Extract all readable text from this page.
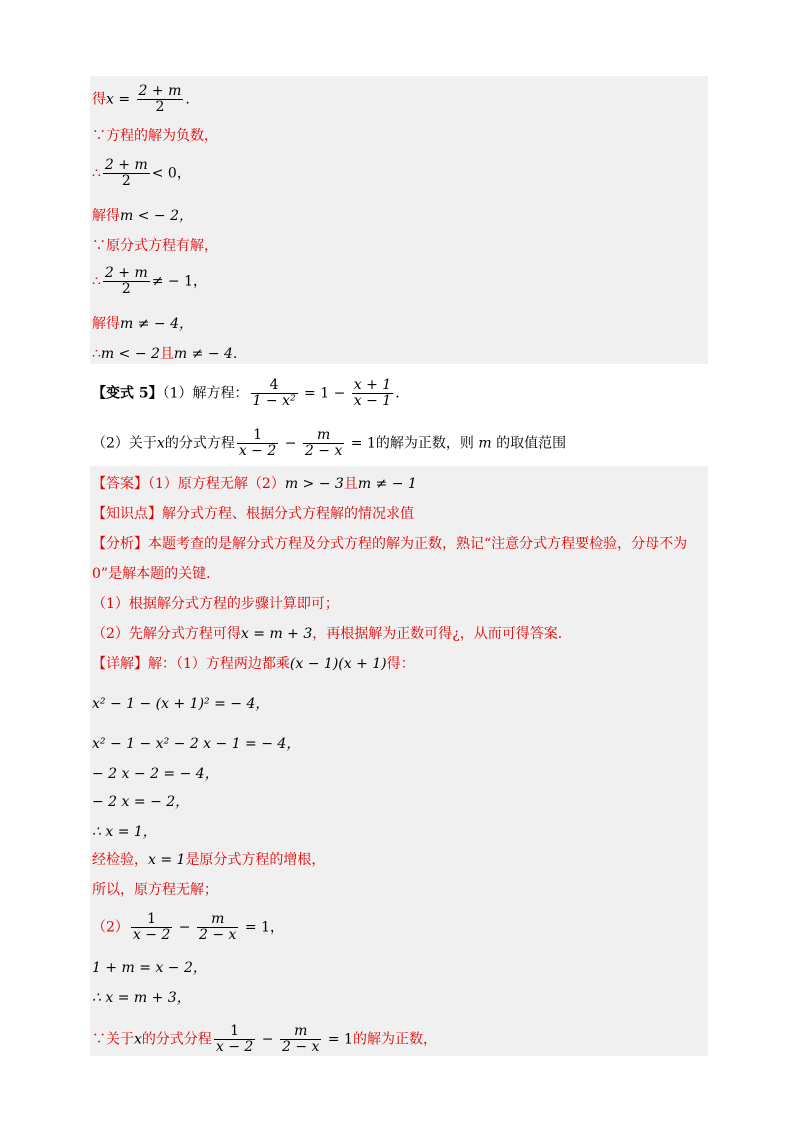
得$x = \frac{2 + m}{2}$ .
∵方程的解为负数，
∴ $\frac{2 + m}{2} < 0$，
解得m < − 2，
∵原分式方程有解，
∴ $\frac{2 + m}{2}$ ≠ − 1，
解得m ≠ − 4，
∴m < − 2且m ≠ − 4.
【变式 5】（1）解方程： $\frac{4}{\text{1 − x²}} = 1 - \frac{x + 1}{x - 1}$ .
（2）关于x的分式方程 $\frac{1}{x - 2} - \frac{m}{2 - x} = 1$的解为正数，则 m 的取值范围
【答案】（1）原方程无解（2）m > − 3且m ≠ − 1
【知识点】解分式方程、根据分式方程解的情况求值
【分析】本题考查的是解分式方程及分式方程的解为正数，熟记“注意分式方程要检验，分母不为
0”是解本题的关键.
（1）根据解分式方程的步骤计算即可；
（2）先解分式方程可得x = m + 3，再根据解为正数可得¿，从而可得答案.
【详解】解：（1）方程两边都乘(x − 1)(x + 1)得：
x² − 1 − (x + 1)² = − 4，
x² − 1 − x² − 2 x − 1 = − 4，
− 2 x − 2 = − 4，
− 2 x = − 2，
∴ x = 1，
经检验，x = 1是原分式方程的增根，
所以，原方程无解；
$(2) \frac{1}{x - 2} - \frac{m}{2 - x} = 1$，
1 + m = x − 2，
∴ x = m + 3，
∵关于x的分式分程 $\frac{1}{x - 2} - \frac{m}{2 - x} = 1$的解为正数，
